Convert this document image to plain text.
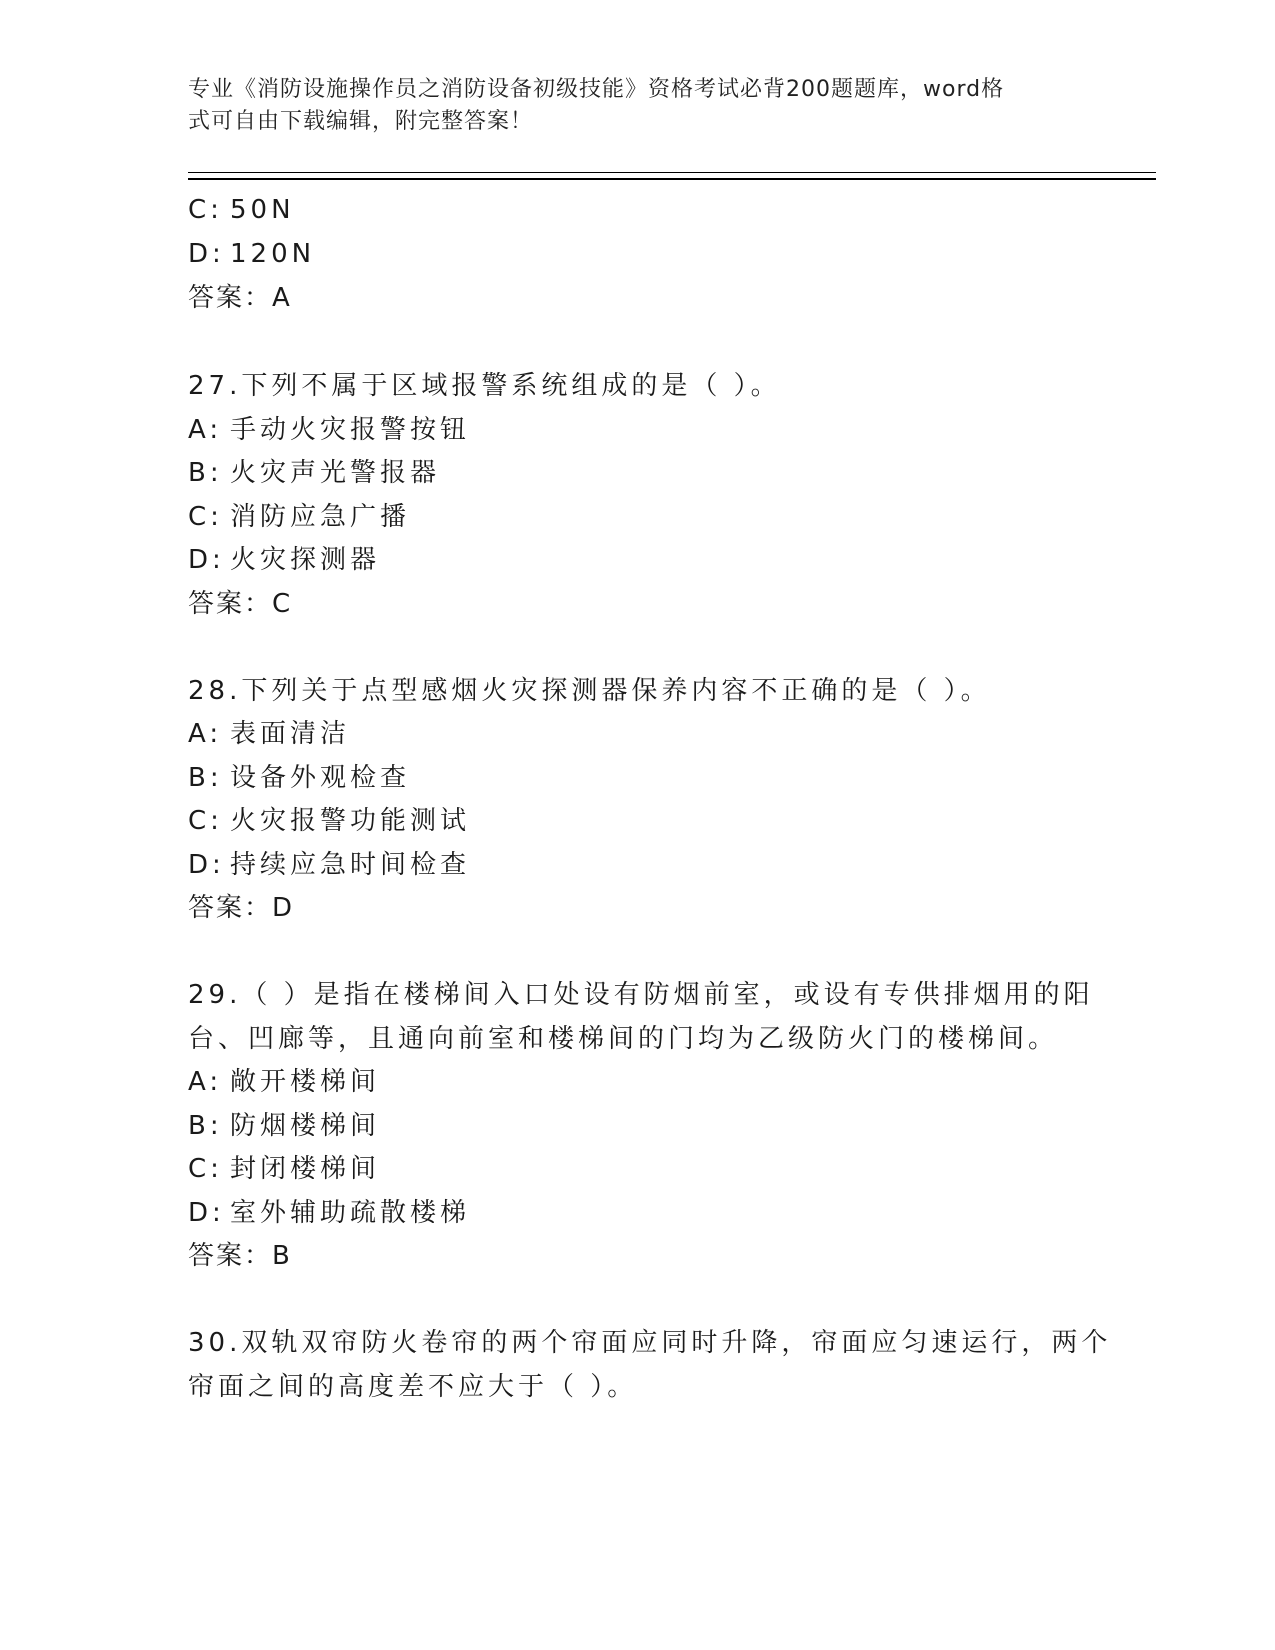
专业《消防设施操作员之消防设备初级技能》资格考试必背200题题库，word格
式可自由下载编辑，附完整答案！
C: 50N
D: 120N
答案：A
27.下列不属于区域报警系统组成的是（ ）。
A: 手动火灾报警按钮
B: 火灾声光警报器
C: 消防应急广播
D: 火灾探测器
答案：C
28.下列关于点型感烟火灾探测器保养内容不正确的是（ ）。
A: 表面清洁
B: 设备外观检查
C: 火灾报警功能测试
D: 持续应急时间检查
答案：D
29.（ ）是指在楼梯间入口处设有防烟前室，或设有专供排烟用的阳
台、凹廊等，且通向前室和楼梯间的门均为乙级防火门的楼梯间。
A: 敞开楼梯间
B: 防烟楼梯间
C: 封闭楼梯间
D: 室外辅助疏散楼梯
答案：B
30.双轨双帘防火卷帘的两个帘面应同时升降，帘面应匀速运行，两个
帘面之间的高度差不应大于（ ）。
